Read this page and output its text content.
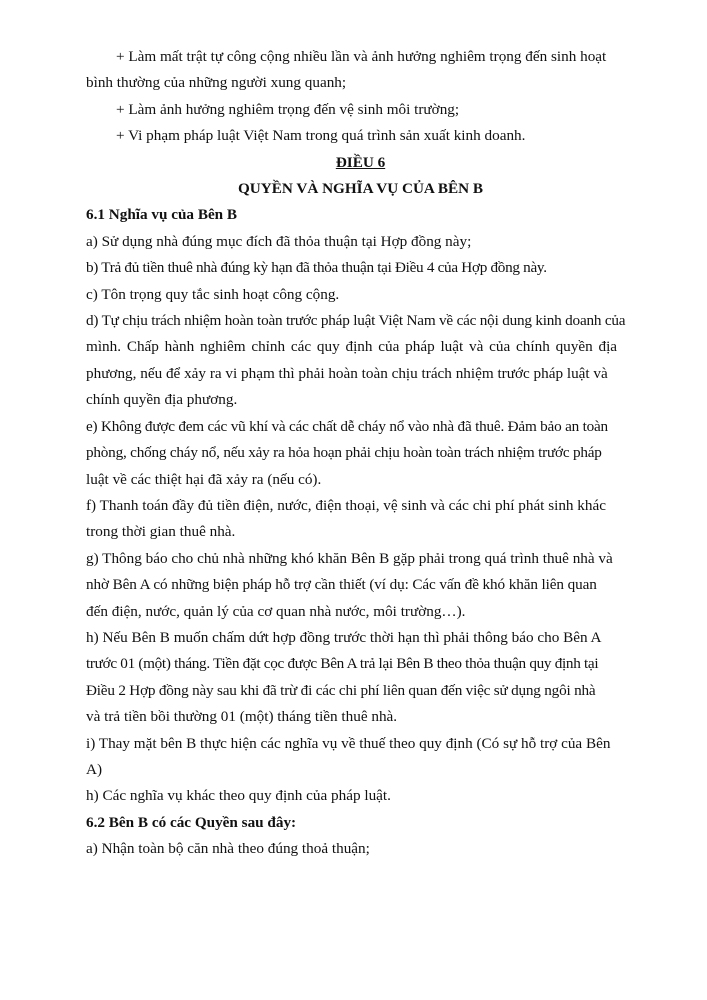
+ Làm mất trật tự công cộng nhiều lần và ảnh hưởng nghiêm trọng đến sinh hoạt

bình thường của những người xung quanh;

+ Làm ảnh hưởng nghiêm trọng đến vệ sinh môi trường;

+ Vi phạm pháp luật Việt Nam trong quá trình sản xuất kinh doanh.

ĐIỀU 6

QUYỀN VÀ NGHĨA VỤ CỦA BÊN B

6.1 Nghĩa vụ của Bên B

a) Sử dụng nhà đúng mục đích đã thỏa thuận tại Hợp đồng này;

b) Trả đủ tiền thuê nhà đúng kỳ hạn đã thỏa thuận tại Điều 4 của Hợp đồng này.

c) Tôn trọng quy tắc sinh hoạt công cộng.

d) Tự chịu trách nhiệm hoàn toàn trước pháp luật Việt Nam về các nội dung kinh doanh của

mình. Chấp hành nghiêm chỉnh các quy định của pháp luật và của chính quyền địa

phương, nếu để xảy ra vi phạm thì phải hoàn toàn chịu trách nhiệm trước pháp luật và

chính quyền địa phương.

e) Không được đem các vũ khí và các chất dễ cháy nổ vào nhà đã thuê. Đảm bảo an toàn

phòng, chống cháy nổ, nếu xảy ra hỏa hoạn phải chịu hoàn toàn trách nhiệm trước pháp

luật về các thiệt hại đã xảy ra (nếu có).

f) Thanh toán đầy đủ tiền điện, nước, điện thoại, vệ sinh và các chi phí phát sinh khác

trong thời gian thuê nhà.

g) Thông báo cho chủ nhà những khó khăn Bên B gặp phải trong quá trình thuê nhà và

nhờ Bên A có những biện pháp hỗ trợ cần thiết (ví dụ: Các vấn đề khó khăn liên quan

đến điện, nước, quản lý của cơ quan nhà nước, môi trường…).

h) Nếu Bên B muốn chấm dứt hợp đồng trước thời hạn thì phải thông báo cho Bên A

trước 01 (một) tháng. Tiền đặt cọc được Bên A trả lại Bên B theo thỏa thuận quy định tại

Điều 2 Hợp đồng này sau khi đã trừ đi các chi phí liên quan đến việc sử dụng ngôi nhà

và trả tiền bồi thường 01 (một) tháng tiền thuê nhà.

i) Thay mặt bên B thực hiện các nghĩa vụ về thuế theo quy định (Có sự hỗ trợ của Bên

A)

h) Các nghĩa vụ khác theo quy định của pháp luật.

6.2 Bên B có các Quyền sau đây:

a) Nhận toàn bộ căn nhà theo đúng thoả thuận;
